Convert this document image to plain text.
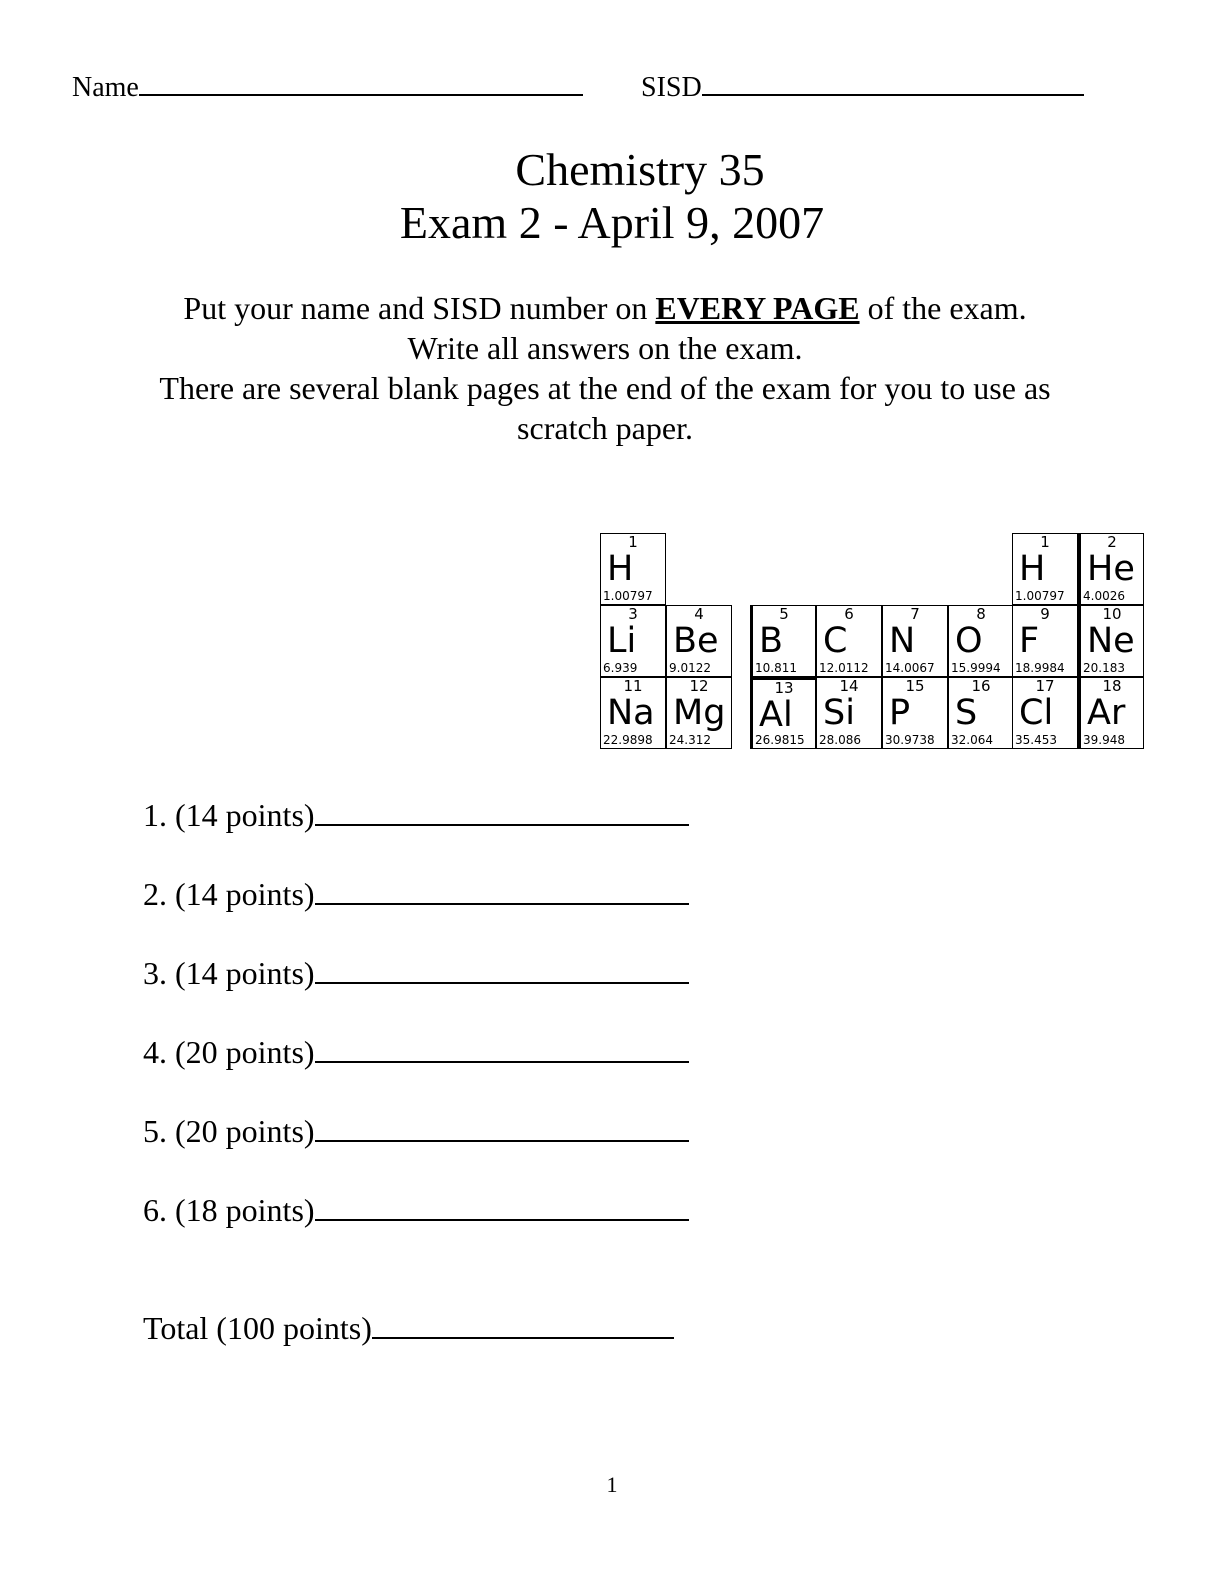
Name	SISD
Chemistry 35
Exam 2 - April 9, 2007
Put your name and SISD number on EVERY PAGE of the exam.
Write all answers on the exam.
There are several blank pages at the end of the exam for you to use as scratch paper.
1
H
1.00797
1
H
1.00797
2
He
4.0026
3
Li
6.939
4
Be
9.0122
5
B
10.811
6
C
12.0112
7
N
14.0067
8
O
15.9994
9
F
18.9984
10
Ne
20.183
11
Na
22.9898
12
Mg
24.312
13
Al
26.9815
14
Si
28.086
15
P
30.9738
16
S
32.064
17
Cl
35.453
18
Ar
39.948
1. (14 points)
2. (14 points)
3. (14 points)
4. (20 points)
5. (20 points)
6. (18 points)
Total (100 points)
1
